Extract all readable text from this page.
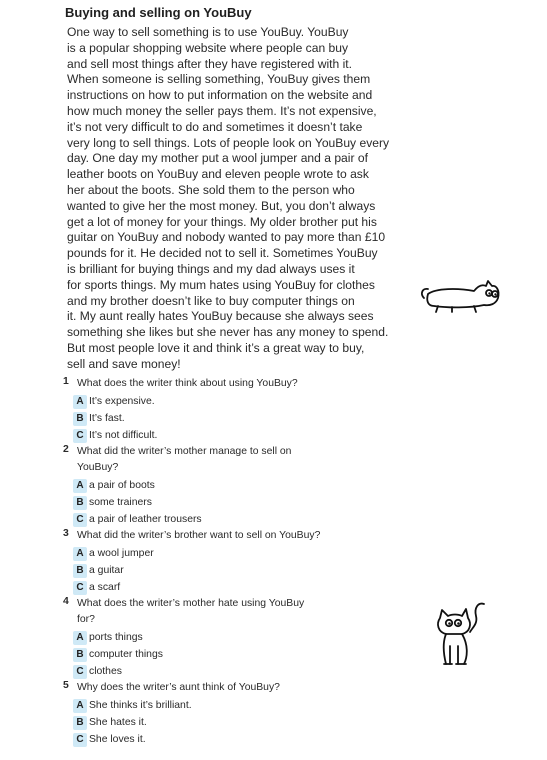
Buying and selling on YouBuy
One way to sell something is to use YouBuy. YouBuy
is a popular shopping website where people can buy
and sell most things after they have registered with it.
When someone is selling something, YouBuy gives them
instructions on how to put information on the website and
how much money the seller pays them. It’s not expensive,
it’s not very difficult to do and sometimes it doesn’t take
very long to sell things. Lots of people look on YouBuy every
day. One day my mother put a wool jumper and a pair of
leather boots on YouBuy and eleven people wrote to ask
her about the boots. She sold them to the person who
wanted to give her the most money. But, you don’t always
get a lot of money for your things. My older brother put his
guitar on YouBuy and nobody wanted to pay more than £10
pounds for it. He decided not to sell it. Sometimes YouBuy
is brilliant for buying things and my dad always uses it
for sports things. My mum hates using YouBuy for clothes
and my brother doesn’t like to buy computer things on
it. My aunt really hates YouBuy because she always sees
something she likes but she never has any money to spend.
But most people love it and think it’s a great way to buy,
sell and save money!
1 What does the writer think about using YouBuy?
A It’s expensive.
B It’s fast.
C It’s not difficult.
2 What did the writer’s mother manage to sell on
YouBuy?
A a pair of boots
B some trainers
C a pair of leather trousers
3 What did the writer’s brother want to sell on YouBuy?
A a wool jumper
B a guitar
C a scarf
4 What does the writer’s mother hate using YouBuy
for?
A ports things
B computer things
C clothes
5 Why does the writer’s aunt think of YouBuy?
A She thinks it’s brilliant.
B She hates it.
C She loves it.
